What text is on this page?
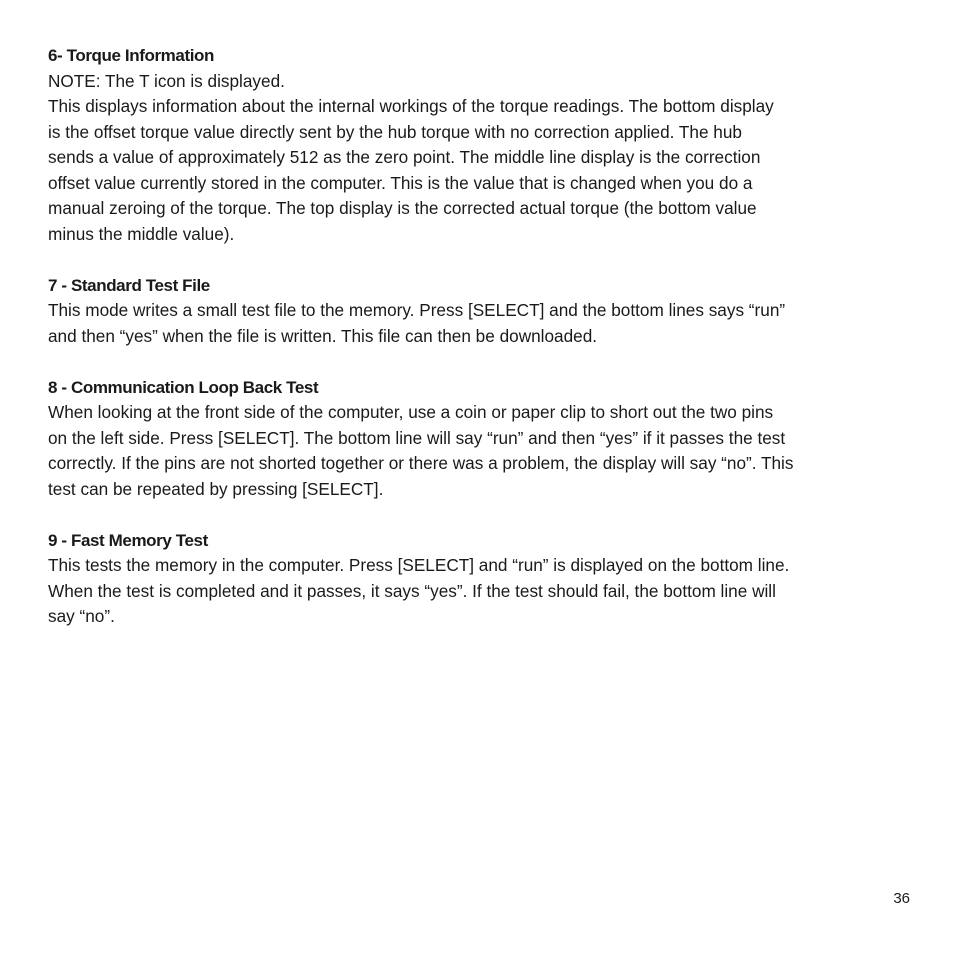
6- Torque Information

NOTE: The T icon is displayed.

This displays information about the internal workings of the torque readings. The bottom display

is the offset torque value directly sent by the hub torque with no correction applied. The hub

sends a value of approximately 512 as the zero point. The middle line display is the correction

offset value currently stored in the computer. This is the value that is changed when you do a

manual zeroing of the torque. The top display is the corrected actual torque (the bottom value

minus the middle value).

7 - Standard Test File

This mode writes a small test file to the memory. Press [SELECT] and the bottom lines says “run”

and then “yes” when the file is written. This file can then be downloaded.

8 - Communication Loop Back Test

When looking at the front side of the computer, use a coin or paper clip to short out the two pins

on the left side. Press [SELECT]. The bottom line will say “run” and then “yes” if it passes the test

correctly. If the pins are not shorted together or there was a problem, the display will say “no”. This

test can be repeated by pressing [SELECT].

9 - Fast Memory Test

This tests the memory in the computer. Press [SELECT] and “run” is displayed on the bottom line.

When the test is completed and it passes, it says “yes”. If the test should fail, the bottom line will

say “no”.

36
